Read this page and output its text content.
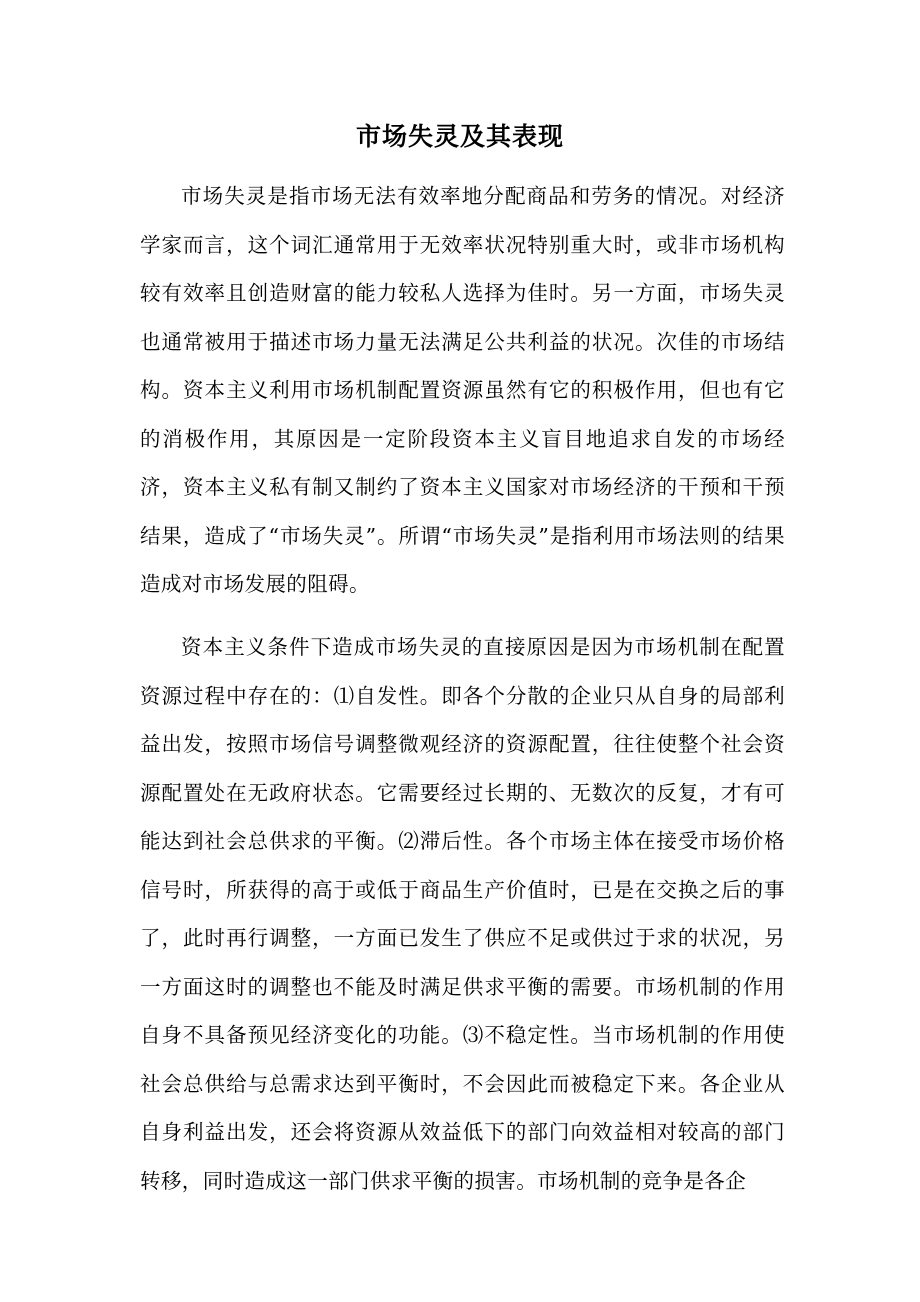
市场失灵及其表现

市场失灵是指市场无法有效率地分配商品和劳务的情况。对经济学家而言，这个词汇通常用于无效率状况特别重大时，或非市场机构较有效率且创造财富的能力较私人选择为佳时。另一方面，市场失灵也通常被用于描述市场力量无法满足公共利益的状况。次佳的市场结构。资本主义利用市场机制配置资源虽然有它的积极作用，但也有它的消极作用，其原因是一定阶段资本主义盲目地追求自发的市场经济，资本主义私有制又制约了资本主义国家对市场经济的干预和干预结果，造成了“市场失灵”。所谓“市场失灵”是指利用市场法则的结果造成对市场发展的阻碍。

资本主义条件下造成市场失灵的直接原因是因为市场机制在配置资源过程中存在的：⑴自发性。即各个分散的企业只从自身的局部利益出发，按照市场信号调整微观经济的资源配置，往往使整个社会资源配置处在无政府状态。它需要经过长期的、无数次的反复，才有可能达到社会总供求的平衡。⑵滞后性。各个市场主体在接受市场价格信号时，所获得的高于或低于商品生产价值时，已是在交换之后的事了，此时再行调整，一方面已发生了供应不足或供过于求的状况，另一方面这时的调整也不能及时满足供求平衡的需要。市场机制的作用自身不具备预见经济变化的功能。⑶不稳定性。当市场机制的作用使社会总供给与总需求达到平衡时，不会因此而被稳定下来。各企业从自身利益出发，还会将资源从效益低下的部门向效益相对较高的部门转移，同时造成这一部门供求平衡的损害。市场机制的竞争是各企
